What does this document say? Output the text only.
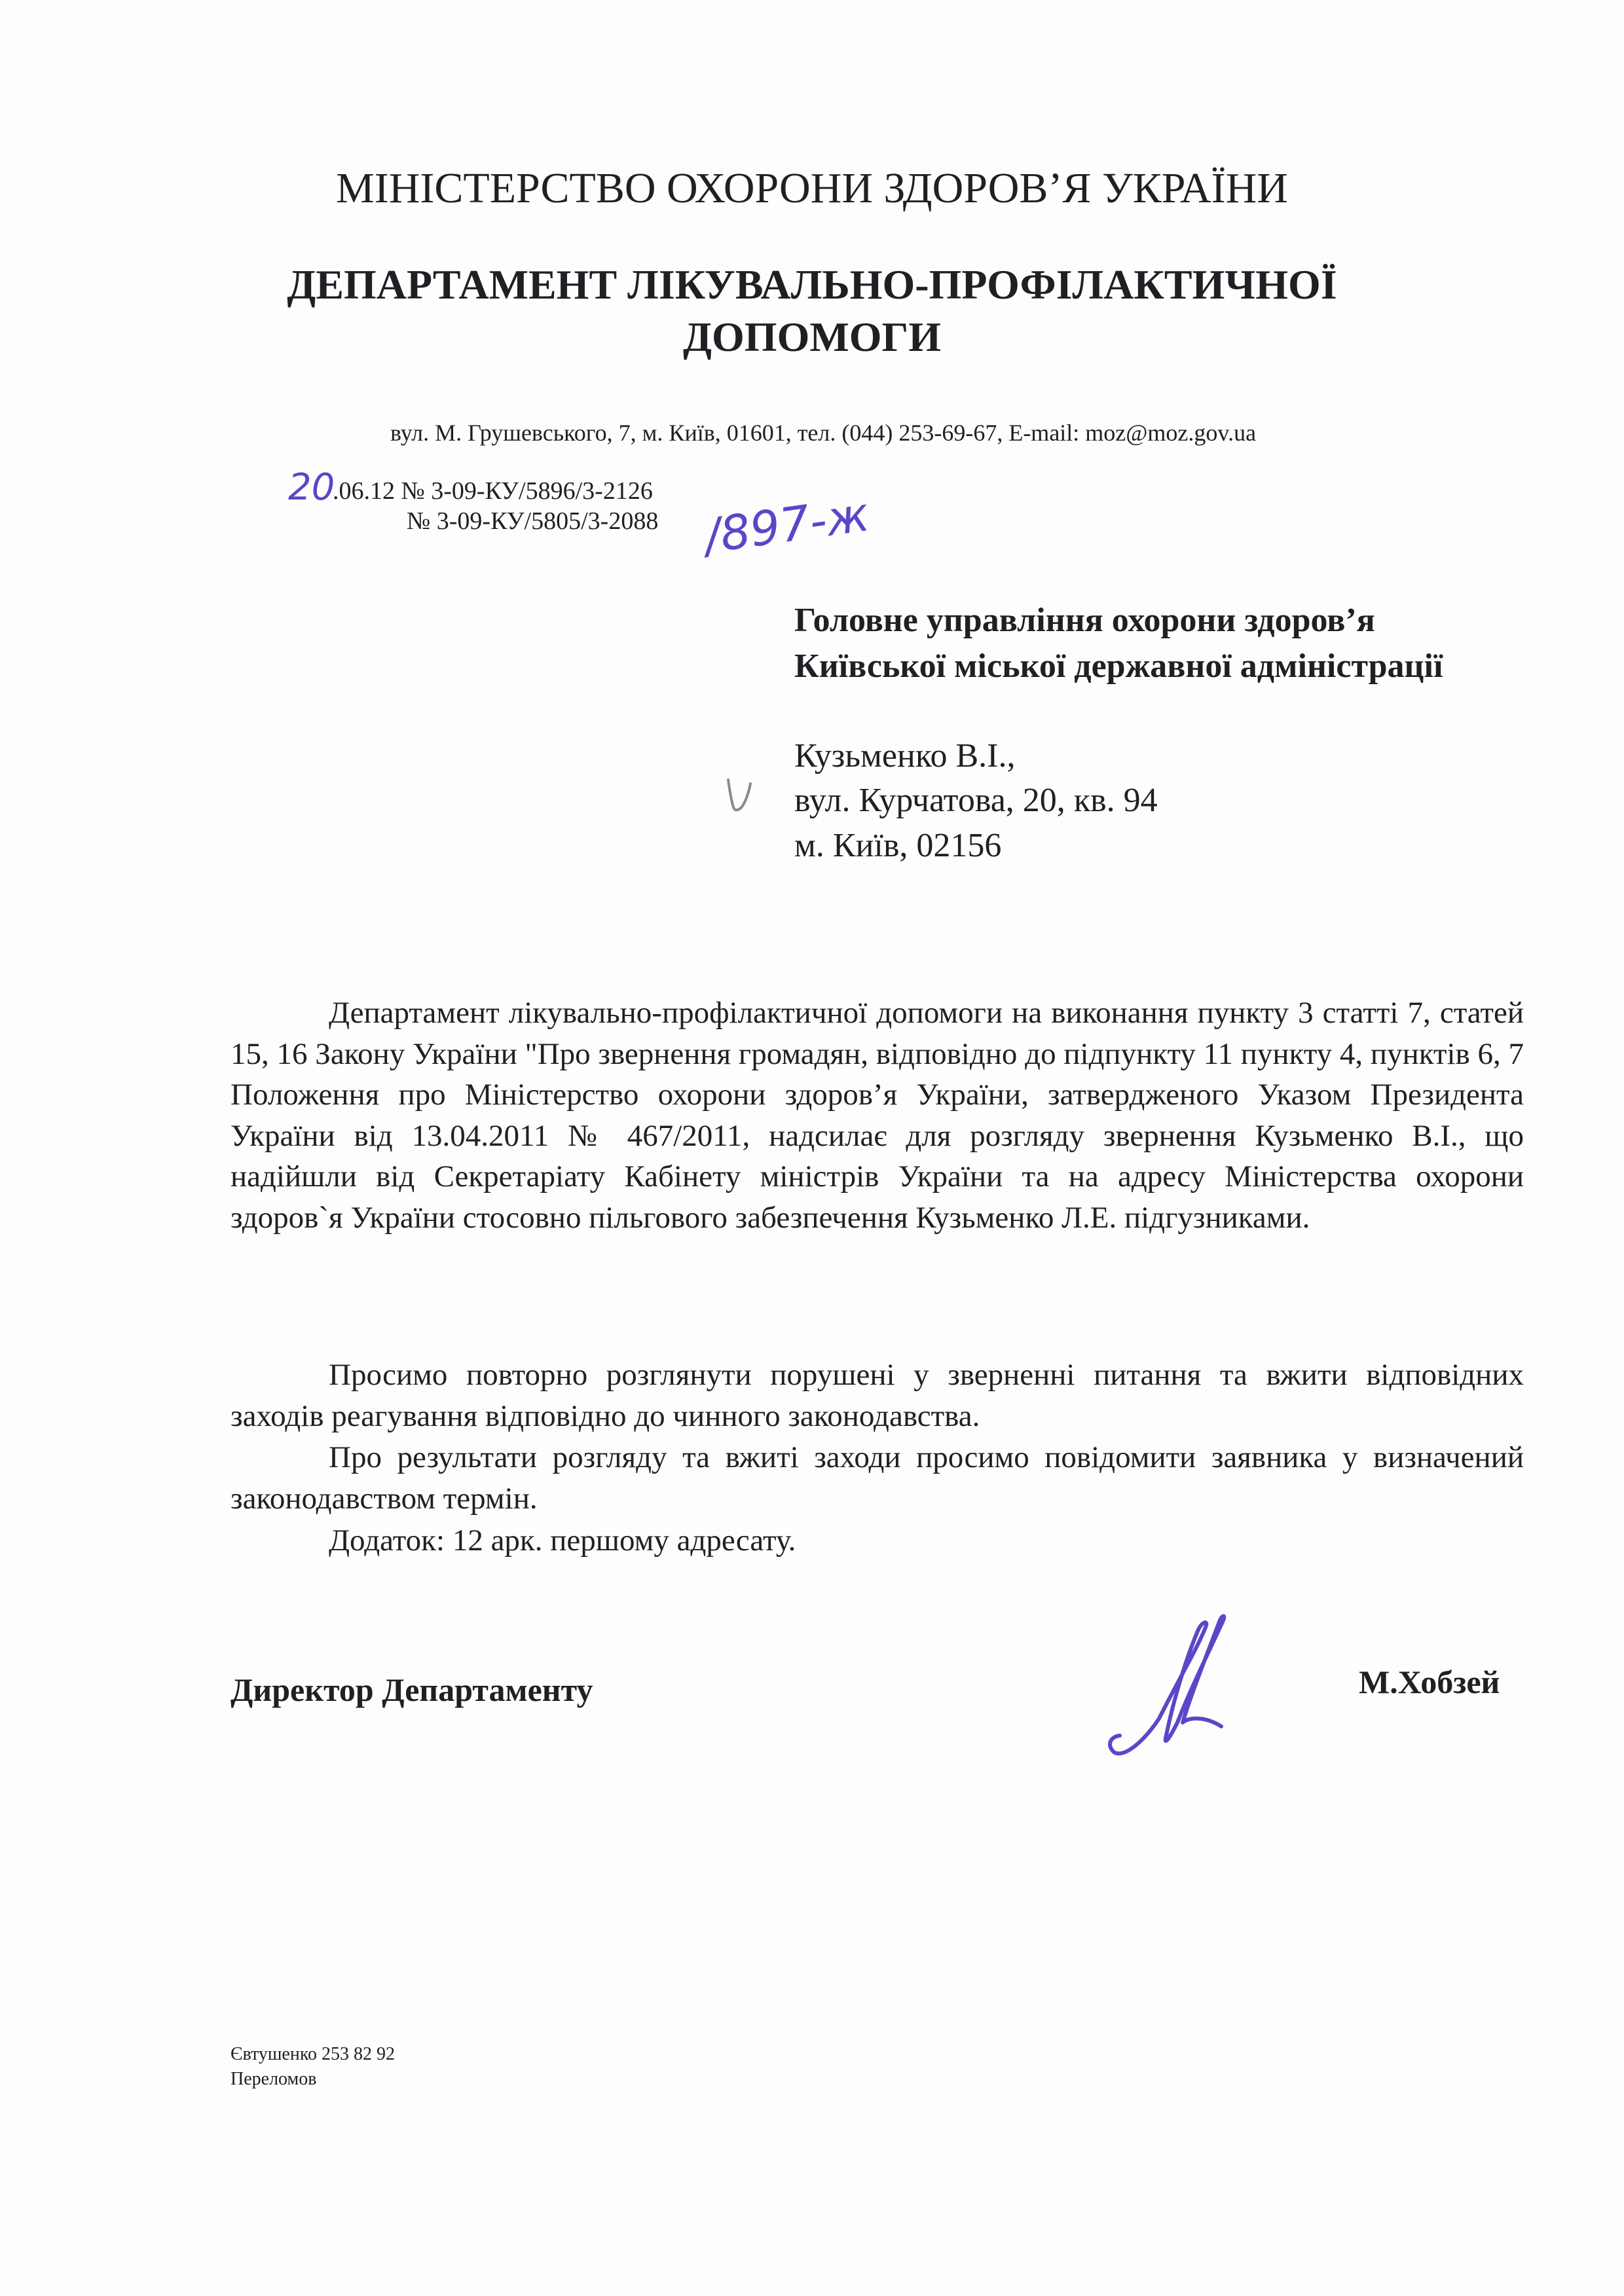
МІНІСТЕРСТВО ОХОРОНИ ЗДОРОВ’Я УКРАЇНИ
ДЕПАРТАМЕНТ ЛІКУВАЛЬНО-ПРОФІЛАКТИЧНОЇ
ДОПОМОГИ
вул. М. Грушевського, 7, м. Київ, 01601, тел. (044) 253-69-67, E-mail: moz@moz.gov.ua
20
.06.12 № 3-09-КУ/5896/3-2126
№ 3-09-КУ/5805/3-2088 /897-ж
Головне управління охорони здоров’я
Київської міської державної адміністрації
Кузьменко В.І.,
вул. Курчатова, 20, кв. 94
м. Київ, 02156

Департамент лікувально-профілактичної допомоги на виконання пункту 3 статті 7, статей 15, 16 Закону України "Про звернення громадян, відповідно до підпункту 11 пункту 4, пунктів 6, 7 Положення про Міністерство охорони здоров’я України, затвердженого Указом Президента України від 13.04.2011 № 467/2011, надсилає для розгляду звернення Кузьменко В.І., що надійшли від Секретаріату Кабінету міністрів України та на адресу Міністерства охорони здоров`я України стосовно пільгового забезпечення Кузьменко Л.Е. підгузниками.

Просимо повторно розглянути порушені у зверненні питання та вжити відповідних заходів реагування відповідно до чинного законодавства.

Про результати розгляду та вжиті заходи просимо повідомити заявника у визначений законодавством термін.

Додаток: 12 арк. першому адресату.

Директор Департаменту	М.Хобзей
Євтушенко 253 82 92
Переломов
